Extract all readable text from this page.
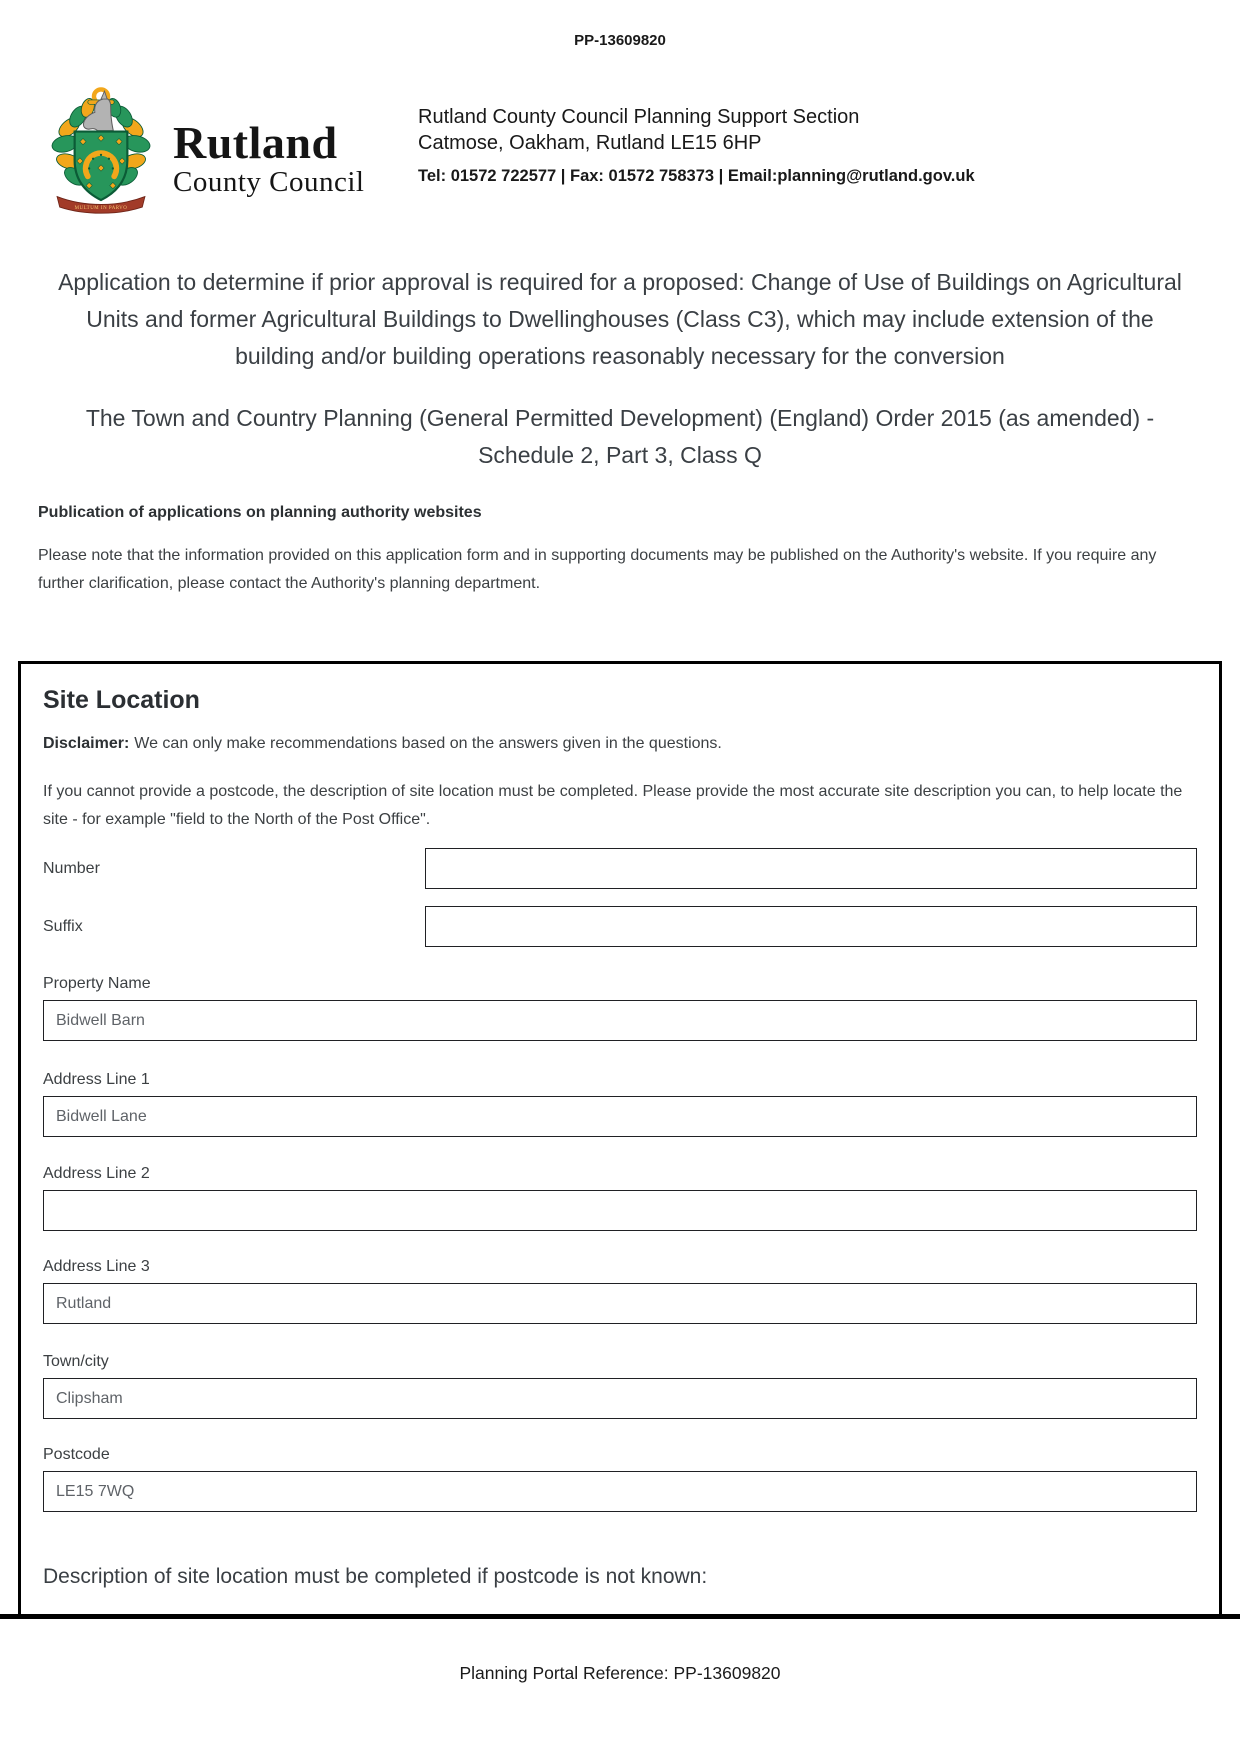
PP-13609820
MULTUM IN PARVO
Rutland
County Council
Rutland County Council Planning Support Section
Catmose, Oakham, Rutland LE15 6HP
Tel: 01572 722577 | Fax: 01572 758373 | Email:planning@rutland.gov.uk
Application to determine if prior approval is required for a proposed: Change of Use of Buildings on Agricultural Units and former Agricultural Buildings to Dwellinghouses (Class C3), which may include extension of the building and/or building operations reasonably necessary for the conversion
The Town and Country Planning (General Permitted Development) (England) Order 2015 (as amended) - Schedule 2, Part 3, Class Q
Publication of applications on planning authority websites
Please note that the information provided on this application form and in supporting documents may be published on the Authority's website. If you require any further clarification, please contact the Authority's planning department.
Site Location
Disclaimer: We can only make recommendations based on the answers given in the questions.
If you cannot provide a postcode, the description of site location must be completed. Please provide the most accurate site description you can, to help locate the site - for example "field to the North of the Post Office".
Number
Suffix
Property Name
Bidwell Barn
Address Line 1
Bidwell Lane
Address Line 2
Address Line 3
Rutland
Town/city
Clipsham
Postcode
LE15 7WQ
Description of site location must be completed if postcode is not known:
Planning Portal Reference: PP-13609820
